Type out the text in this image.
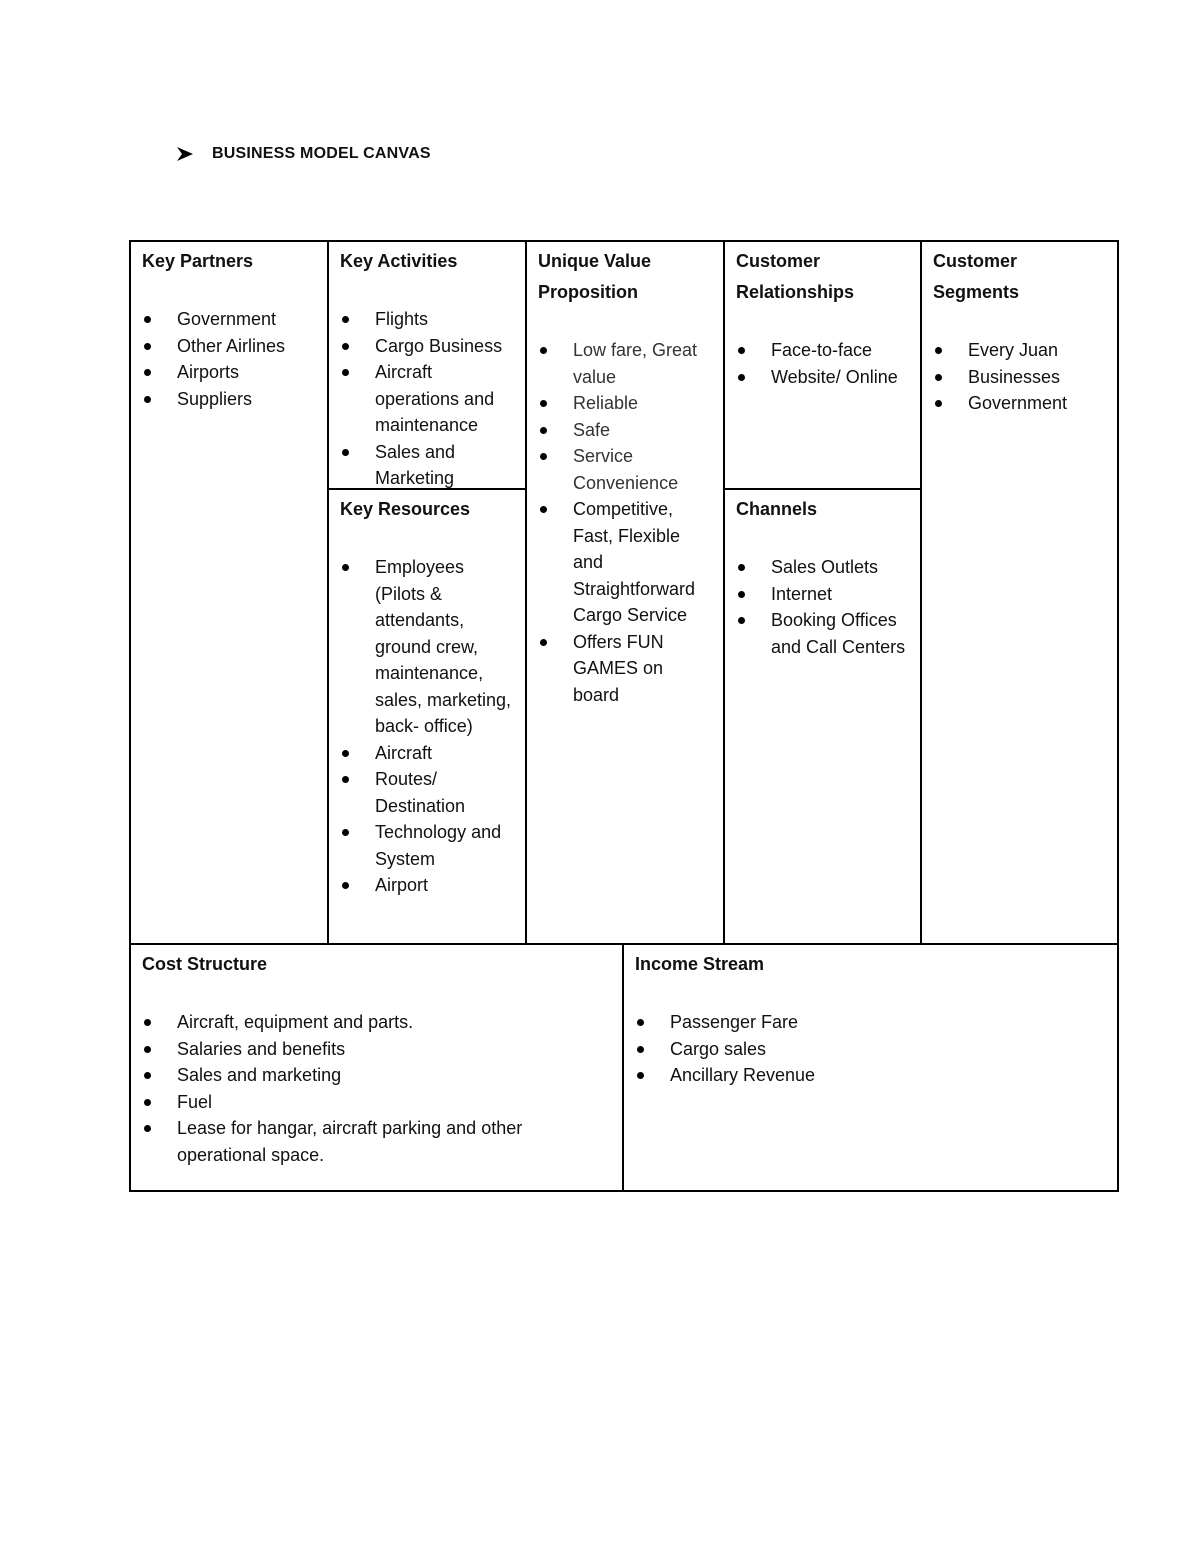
BUSINESS MODEL CANVAS
Key Partners
Government
Other Airlines
Airports
Suppliers
Key Activities
Flights
Cargo Business
Aircraft operations and maintenance
Sales and Marketing
Key Resources
Employees (Pilots & attendants, ground crew, maintenance, sales, marketing, back- office)
Aircraft
Routes/ Destination
Technology and System
Airport
Unique Value Proposition
Low fare, Great value
Reliable
Safe
Service Convenience
Competitive, Fast, Flexible and Straightforward Cargo Service
Offers FUN GAMES on board
Customer Relationships
Face-to-face
Website/ Online
Channels
Sales Outlets
Internet
Booking Offices and Call Centers
Customer Segments
Every Juan
Businesses
Government
Cost Structure
Aircraft, equipment and parts.
Salaries and benefits
Sales and marketing
Fuel
Lease for hangar, aircraft parking and other operational space.
Income Stream
Passenger Fare
Cargo sales
Ancillary Revenue
